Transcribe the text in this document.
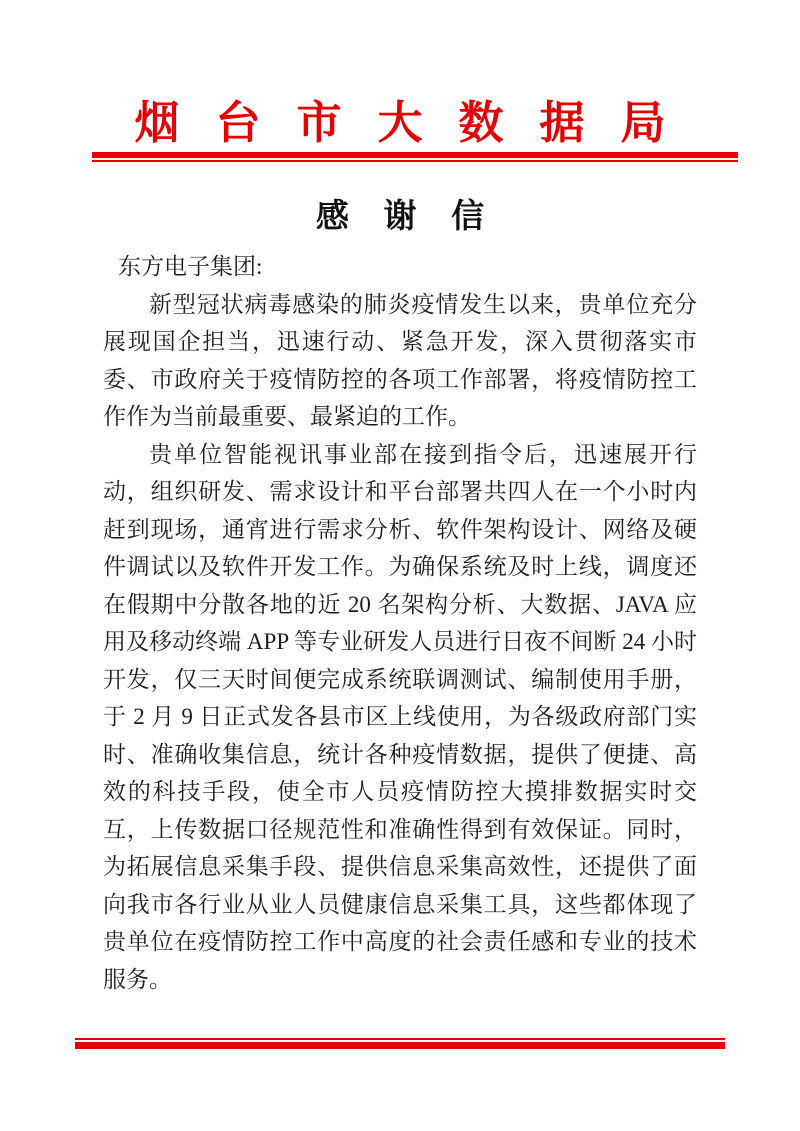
烟台市大数据局
感谢信
东方电子集团:

新型冠状病毒感染的肺炎疫情发生以来，贵单位充分展现国企担当，迅速行动、紧急开发，深入贯彻落实市委、市政府关于疫情防控的各项工作部署，将疫情防控工作作为当前最重要、最紧迫的工作。

贵单位智能视讯事业部在接到指令后，迅速展开行动，组织研发、需求设计和平台部署共四人在一个小时内赶到现场，通宵进行需求分析、软件架构设计、网络及硬件调试以及软件开发工作。为确保系统及时上线，调度还在假期中分散各地的近 20 名架构分析、大数据、JAVA 应用及移动终端 APP 等专业研发人员进行日夜不间断 24 小时开发，仅三天时间便完成系统联调测试、编制使用手册，于 2 月 9 日正式发各县市区上线使用，为各级政府部门实时、准确收集信息，统计各种疫情数据，提供了便捷、高效的科技手段，使全市人员疫情防控大摸排数据实时交互，上传数据口径规范性和准确性得到有效保证。同时，为拓展信息采集手段、提供信息采集高效性，还提供了面向我市各行业从业人员健康信息采集工具，这些都体现了贵单位在疫情防控工作中高度的社会责任感和专业的技术服务。
